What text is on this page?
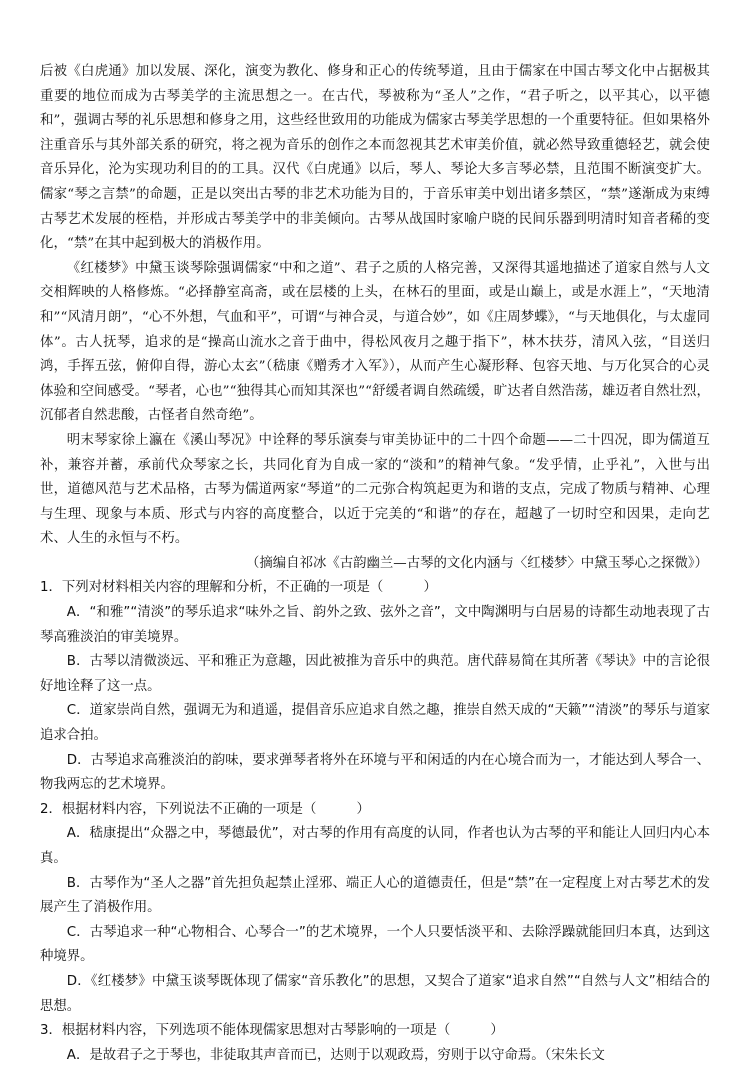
后被《白虎通》加以发展、深化，演变为教化、修身和正心的传统琴道，且由于儒家在中国古琴文化中占据极其重要的地位而成为古琴美学的主流思想之一。在古代，琴被称为“圣人”之作，“君子听之，以平其心，以平德和”，强调古琴的礼乐思想和修身之用，这些经世致用的功能成为儒家古琴美学思想的一个重要特征。但如果格外注重音乐与其外部关系的研究，将之视为音乐的创作之本而忽视其艺术审美价值，就必然导致重德轻艺，就会使音乐异化，沦为实现功利目的的工具。汉代《白虎通》以后，琴人、琴论大多言琴必禁，且范围不断演变扩大。儒家“琴之言禁”的命题，正是以突出古琴的非艺术功能为目的，于音乐审美中划出诸多禁区，“禁”遂渐成为束缚古琴艺术发展的桎梏，并形成古琴美学中的非美倾向。古琴从战国时家喻户晓的民间乐器到明清时知音者稀的变化，“禁”在其中起到极大的消极作用。

《红楼梦》中黛玉谈琴除强调儒家“中和之道”、君子之质的人格完善，又深得其遥地描述了道家自然与人文交相辉映的人格修炼。“必择静室高斋，或在层楼的上头，在林石的里面，或是山巅上，或是水涯上”，“天地清和”“风清月朗”，“心不外想，气血和平”，可谓“与神合灵，与道合妙”，如《庄周梦蝶》，“与天地俱化，与太虚同体”。古人抚琴，追求的是“操高山流水之音于曲中，得松风夜月之趣于指下”，林木扶芬，清风入弦，“目送归鸿，手挥五弦，俯仰自得，游心太玄”（嵇康《赠秀才入军》），从而产生心凝形释、包容天地、与万化冥合的心灵体验和空间感受。“琴者，心也”“独得其心而知其深也”“舒缓者调自然疏缓，旷达者自然浩荡，雄迈者自然壮烈，沉郁者自然悲酸，古怪者自然奇绝”。

明末琴家徐上瀛在《溪山琴况》中诠释的琴乐演奏与审美协证中的二十四个命题——二十四况，即为儒道互补，兼容并蓄，承前代众琴家之长，共同化育为自成一家的“淡和”的精神气象。“发乎情，止乎礼”，入世与出世，道德风范与艺术品格，古琴为儒道两家“琴道”的二元弥合构筑起更为和谐的支点，完成了物质与精神、心理与生理、现象与本质、形式与内容的高度整合，以近于完美的“和谐”的存在，超越了一切时空和因果，走向艺术、人生的永恒与不朽。

（摘编自祁冰《古韵幽兰—古琴的文化内涵与〈红楼梦〉中黛玉琴心之探微》）

1．下列对材料相关内容的理解和分析，不正确的一项是（　　　）

A．“和雅”“清淡”的琴乐追求“味外之旨、韵外之致、弦外之音”，文中陶渊明与白居易的诗都生动地表现了古琴高雅淡泊的审美境界。

B．古琴以清微淡远、平和雅正为意趣，因此被推为音乐中的典范。唐代薛易简在其所著《琴诀》中的言论很好地诠释了这一点。

C．道家崇尚自然，强调无为和逍遥，提倡音乐应追求自然之趣，推崇自然天成的“天籁”“清淡”的琴乐与道家追求合拍。

D．古琴追求高雅淡泊的韵味，要求弹琴者将外在环境与平和闲适的内在心境合而为一，才能达到人琴合一、物我两忘的艺术境界。

2．根据材料内容，下列说法不正确的一项是（　　　）

A．嵇康提出“众器之中，琴德最优”，对古琴的作用有高度的认同，作者也认为古琴的平和能让人回归内心本真。

B．古琴作为“圣人之器”首先担负起禁止淫邪、端正人心的道德责任，但是“禁”在一定程度上对古琴艺术的发展产生了消极作用。

C．古琴追求一种“心物相合、心琴合一”的艺术境界，一个人只要恬淡平和、去除浮躁就能回归本真，达到这种境界。

D．《红楼梦》中黛玉谈琴既体现了儒家“音乐教化”的思想，又契合了道家“追求自然”“自然与人文”相结合的思想。

3．根据材料内容，下列选项不能体现儒家思想对古琴影响的一项是（　　　）

A．是故君子之于琴也，非徒取其声音而已，达则于以观政焉，穷则于以守命焉。（宋朱长文
